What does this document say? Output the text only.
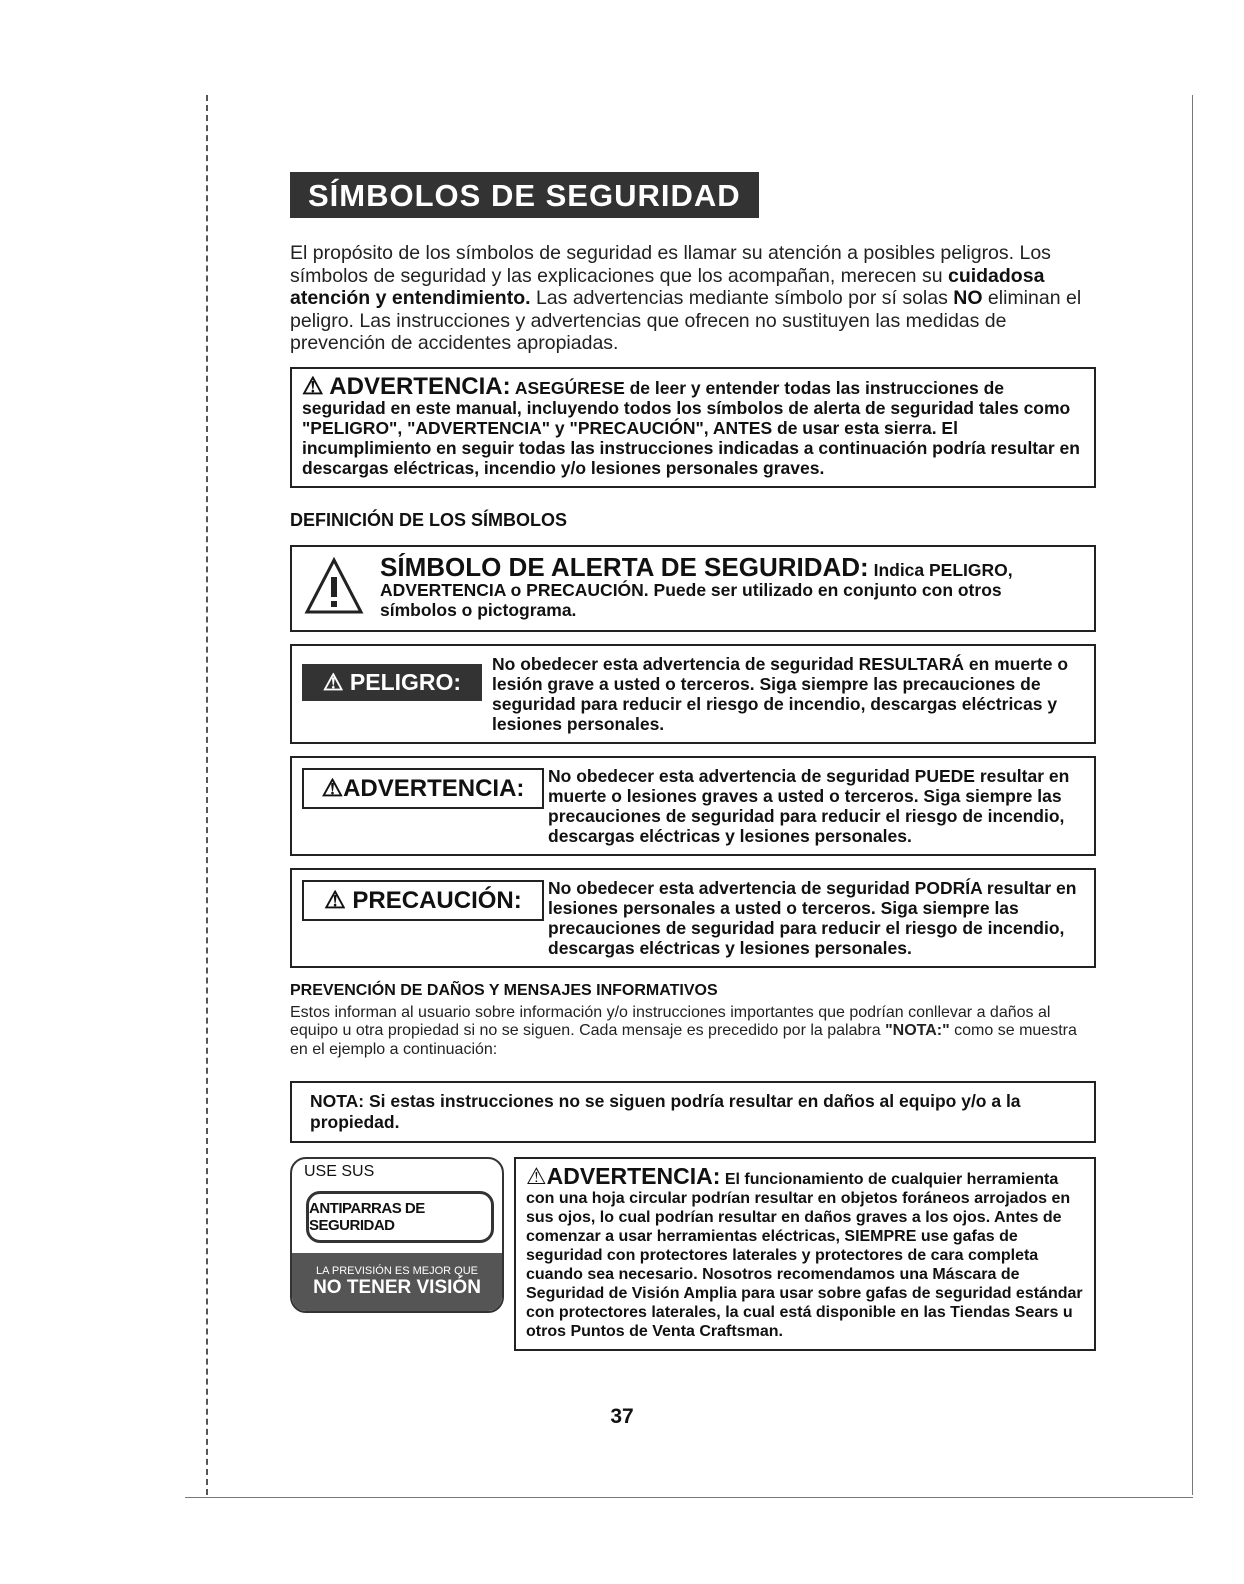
SÍMBOLOS DE SEGURIDAD
El propósito de los símbolos de seguridad es llamar su atención a posibles peligros. Los símbolos de seguridad y las explicaciones que los acompañan, merecen su cuidadosa atención y entendimiento. Las advertencias mediante símbolo por sí solas NO eliminan el peligro. Las instrucciones y advertencias que ofrecen no sustituyen las medidas de prevención de accidentes apropiadas.
⚠ ADVERTENCIA: ASEGÚRESE de leer y entender todas las instrucciones de seguridad en este manual, incluyendo todos los símbolos de alerta de seguridad tales como "PELIGRO", "ADVERTENCIA" y "PRECAUCIÓN", ANTES de usar esta sierra. El incumplimiento en seguir todas las instrucciones indicadas a continuación podría resultar en descargas eléctricas, incendio y/o lesiones personales graves.
DEFINICIÓN DE LOS SÍMBOLOS
SÍMBOLO DE ALERTA DE SEGURIDAD: Indica PELIGRO, ADVERTENCIA o PRECAUCIÓN. Puede ser utilizado en conjunto con otros símbolos o pictograma.
⚠ PELIGRO:
No obedecer esta advertencia de seguridad RESULTARÁ en muerte o lesión grave a usted o terceros. Siga siempre las precauciones de seguridad para reducir el riesgo de incendio, descargas eléctricas y lesiones personales.
⚠ADVERTENCIA:	No obedecer esta advertencia de seguridad PUEDE resultar en muerte o lesiones graves a usted o terceros. Siga siempre las precauciones de seguridad para reducir el riesgo de incendio, descargas eléctricas y lesiones personales.
⚠ PRECAUCIÓN:	No obedecer esta advertencia de seguridad PODRÍA resultar en lesiones personales a usted o terceros. Siga siempre las precauciones de seguridad para reducir el riesgo de incendio, descargas eléctricas y lesiones personales.
PREVENCIÓN DE DAÑOS Y MENSAJES INFORMATIVOS
Estos informan al usuario sobre información y/o instrucciones importantes que podrían conllevar a daños al equipo u otra propiedad si no se siguen. Cada mensaje es precedido por la palabra "NOTA:" como se muestra en el ejemplo a continuación:
NOTA: Si estas instrucciones no se siguen podría resultar en daños al equipo y/o a la propiedad.
USE SUS
ANTIPARRAS DE SEGURIDAD
LA PREVISIÓN ES MEJOR QUE
NO TENER VISIÓN
⚠ADVERTENCIA: El funcionamiento de cualquier herramienta con una hoja circular podrían resultar en objetos foráneos arrojados en sus ojos, lo cual podrían resultar en daños graves a los ojos. Antes de comenzar a usar herramientas eléctricas, SIEMPRE use gafas de seguridad con protectores laterales y protectores de cara completa cuando sea necesario. Nosotros recomendamos una Máscara de Seguridad de Visión Amplia para usar sobre gafas de seguridad estándar con protectores laterales, la cual está disponible en las Tiendas Sears u otros Puntos de Venta Craftsman.
37
